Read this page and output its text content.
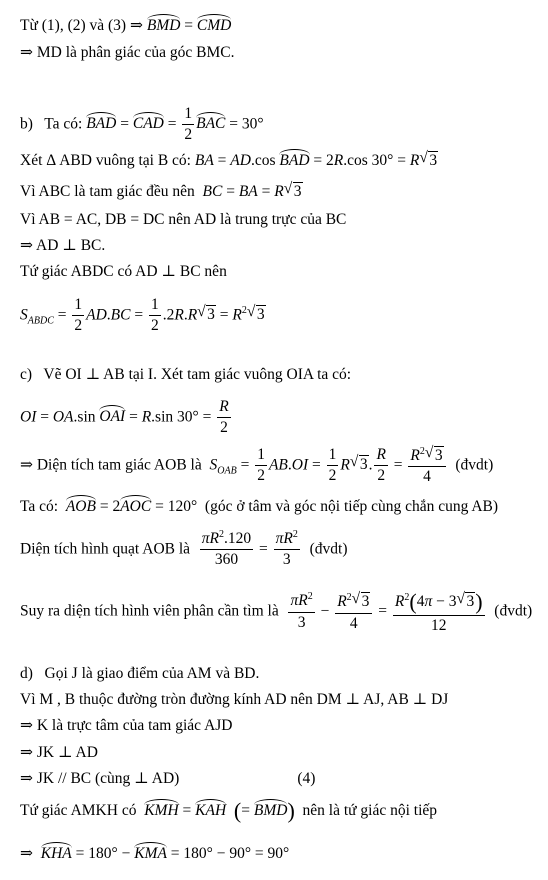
Từ (1), (2) và (3) ⇒ BMD = CMD
⇒ MD là phân giác của góc BMC.
b)   Ta có: BAD = CAD = $\frac{1}{2}$ BAC = 30°
Xét Δ ABD vuông tại B có: BA = AD.cos BAD = 2R.cos 30° = R√ 3
Vì ABC là tam giác đều nên  BC = BA = R√ 3
Vì AB = AC, DB = DC nên AD là trung trực của BC
⇒ AD ⊥ BC.
Tứ giác ABDC có AD ⊥ BC nên
$S_{ABDC} = \frac{1}{2} AD.BC = \frac{1}{2} .2R.R√$ $3 = R^2√$ 3
c)   Vẽ OI ⊥ AB tại I. Xét tam giác vuông OIA ta có:
OI = OA.sin OAI = R.sin $30^\circ = \frac{R}{2}$
⇒ Diện tích tam giác AOB là  $S_{OAB} = \frac{1}{2} AB.OI = \frac{1}{2} R√$ 3. $\frac{R}{2} = \frac{R^2√ 3}{4}$ (đvdt)
Ta có:  AOB = 2AOC = 120°  (góc ở tâm và góc nội tiếp cùng chắn cung AB)
Diện tích hình quạt AOB là $\frac{\pi R^2.120}{360} = \frac{\pi R^2}{3}$ (đvdt)
Suy ra diện tích hình viên phân cần tìm là $\frac{\pi R^2}{3} - \frac{R^2√ 3}{4} = \frac{R^2(4\pi - 3√ 3)}{12}$ (đvdt)
d)   Gọi J là giao điểm của AM và BD.
Vì M , B thuộc đường tròn đường kính AD nên DM ⊥ AJ, AB ⊥ DJ
⇒ K là trực tâm của tam giác AJD
⇒ JK ⊥ AD
⇒ JK // BC (cùng ⊥ AD)	(4)
Tứ giác AMKH có  KMH = KAH (= BMD)  nên là tứ giác nội tiếp
⇒  KHA = 180° − KMA = 180° − 90° = 90°
